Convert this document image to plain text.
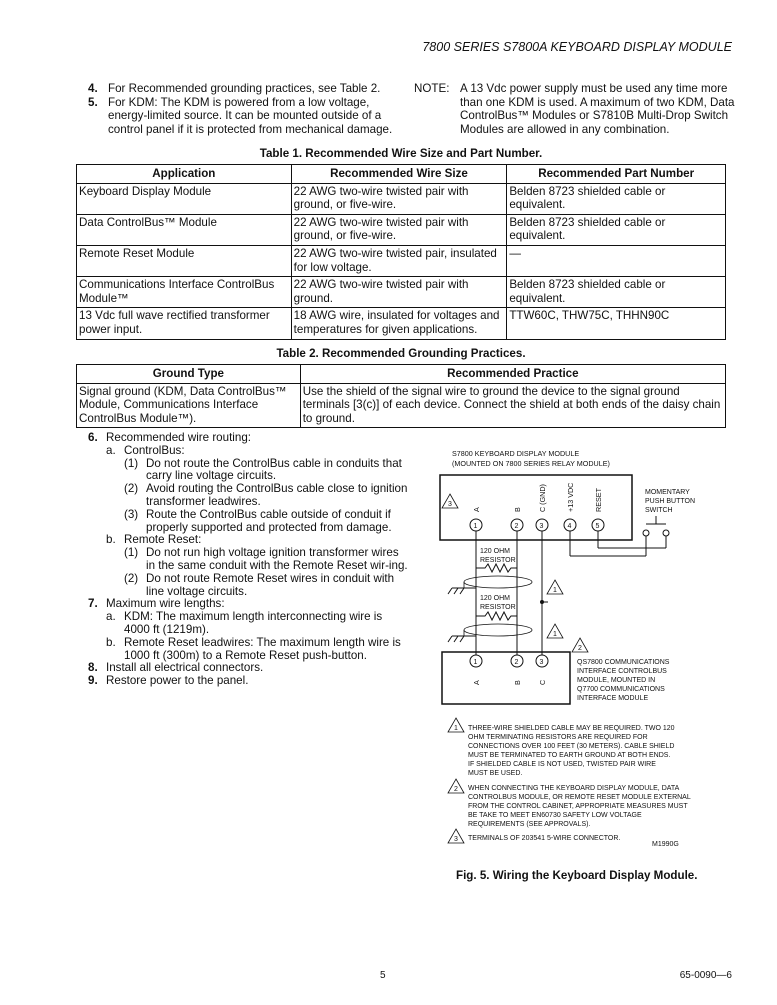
7800 SERIES S7800A KEYBOARD DISPLAY MODULE
4. For Recommended grounding practices, see Table 2.
5. For KDM: The KDM is powered from a low voltage, energy-limited source. It can be mounted outside of a control panel if it is protected from mechanical damage.
NOTE: A 13 Vdc power supply must be used any time more than one KDM is used. A maximum of two KDM, Data ControlBus™ Modules or S7810B Multi-Drop Switch Modules are allowed in any combination.
Table 1. Recommended Wire Size and Part Number.
Application	Recommended Wire Size	Recommended Part Number
Keyboard Display Module	22 AWG two-wire twisted pair with ground, or five-wire.	Belden 8723 shielded cable or equivalent.
Data ControlBus™ Module	22 AWG two-wire twisted pair with ground, or five-wire.	Belden 8723 shielded cable or equivalent.
Remote Reset Module	22 AWG two-wire twisted pair, insulated for low voltage.	—
Communications Interface ControlBus Module™	22 AWG two-wire twisted pair with ground.	Belden 8723 shielded cable or equivalent.
13 Vdc full wave rectified transformer power input.	18 AWG wire, insulated for voltages and temperatures for given applications.	TTW60C, THW75C, THHN90C
Table 2. Recommended Grounding Practices.
Ground Type	Recommended Practice
Signal ground (KDM, Data ControlBus™ Module, Communications Interface ControlBus Module™).	Use the shield of the signal wire to ground the device to the signal ground terminals [3(c)] of each device. Connect the shield at both ends of the daisy chain to ground.
6. Recommended wire routing:
a. ControlBus:
(1) Do not route the ControlBus cable in conduits that carry line voltage circuits.
(2) Avoid routing the ControlBus cable close to ignition transformer leadwires.
(3) Route the ControlBus cable outside of conduit if properly supported and protected from damage.
b. Remote Reset:
(1) Do not run high voltage ignition transformer wires in the same conduit with the Remote Reset wir-ing.
(2) Do not route Remote Reset wires in conduit with line voltage circuits.
7. Maximum wire lengths:
a. KDM: The maximum length interconnecting wire is 4000 ft (1219m).
b. Remote Reset leadwires: The maximum length wire is 1000 ft (300m) to a Remote Reset push-button.
8. Install all electrical connectors.
9. Restore power to the panel.
S7800 KEYBOARD DISPLAY MODULE
(MOUNTED ON 7800 SERIES RELAY MODULE)
3
A	B C (GND)	+13 VDC	RESET
1	2	3	4	5
MOMENTARY
PUSH BUTTON
SWITCH
120 OHM
RESISTOR
1
120 OHM
RESISTOR
1
2
1	2	3
A	B C
QS7800 COMMUNICATIONS
INTERFACE CONTROLBUS
MODULE, MOUNTED IN
Q7700 COMMUNICATIONS
INTERFACE MODULE
1 THREE-WIRE SHIELDED CABLE MAY BE REQUIRED. TWO 120
OHM TERMINATING RESISTORS ARE REQUIRED FOR
CONNECTIONS OVER 100 FEET (30 METERS). CABLE SHIELD
MUST BE TERMINATED TO EARTH GROUND AT BOTH ENDS.
IF SHIELDED CABLE IS NOT USED, TWISTED PAIR WIRE
MUST BE USED.
2 WHEN CONNECTING THE KEYBOARD DISPLAY MODULE, DATA
CONTROLBUS MODULE, OR REMOTE RESET MODULE EXTERNAL
FROM THE CONTROL CABINET, APPROPRIATE MEASURES MUST
BE TAKE TO MEET EN60730 SAFETY LOW VOLTAGE
REQUIREMENTS (SEE APPROVALS).
3 TERMINALS OF 203541 5-WIRE CONNECTOR.
M1990G
Fig. 5. Wiring the Keyboard Display Module.
5	65-0090—6
